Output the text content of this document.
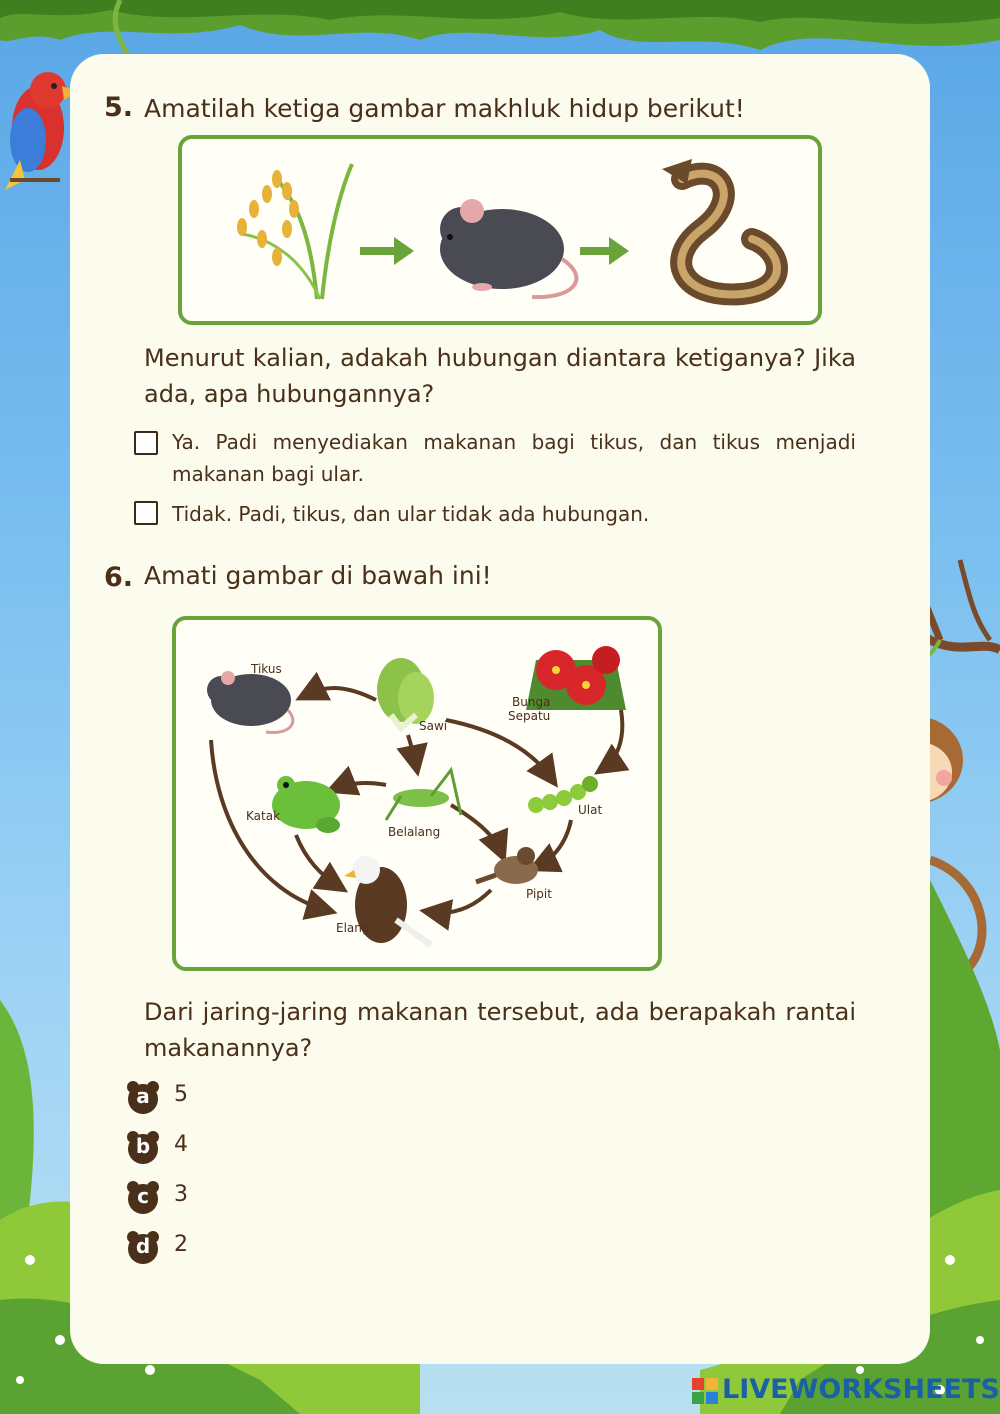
5. Amatilah ketiga gambar makhluk hidup berikut!
Menurut kalian, adakah hubungan diantara ketiganya? Jika ada, apa hubungannya?
Ya. Padi menyediakan makanan bagi tikus, dan tikus menjadi makanan bagi ular.
Tidak. Padi, tikus, dan ular tidak ada hubungan.
6. Amati gambar di bawah ini!
Tikus
Sawi
Bunga
Sepatu
Katak
Belalang
Ulat
Pipit
Elang
Dari jaring-jaring makanan tersebut, ada berapakah rantai makanannya?
a	5
b	4
c	3
d	2
LIVEWORKSHEETS
